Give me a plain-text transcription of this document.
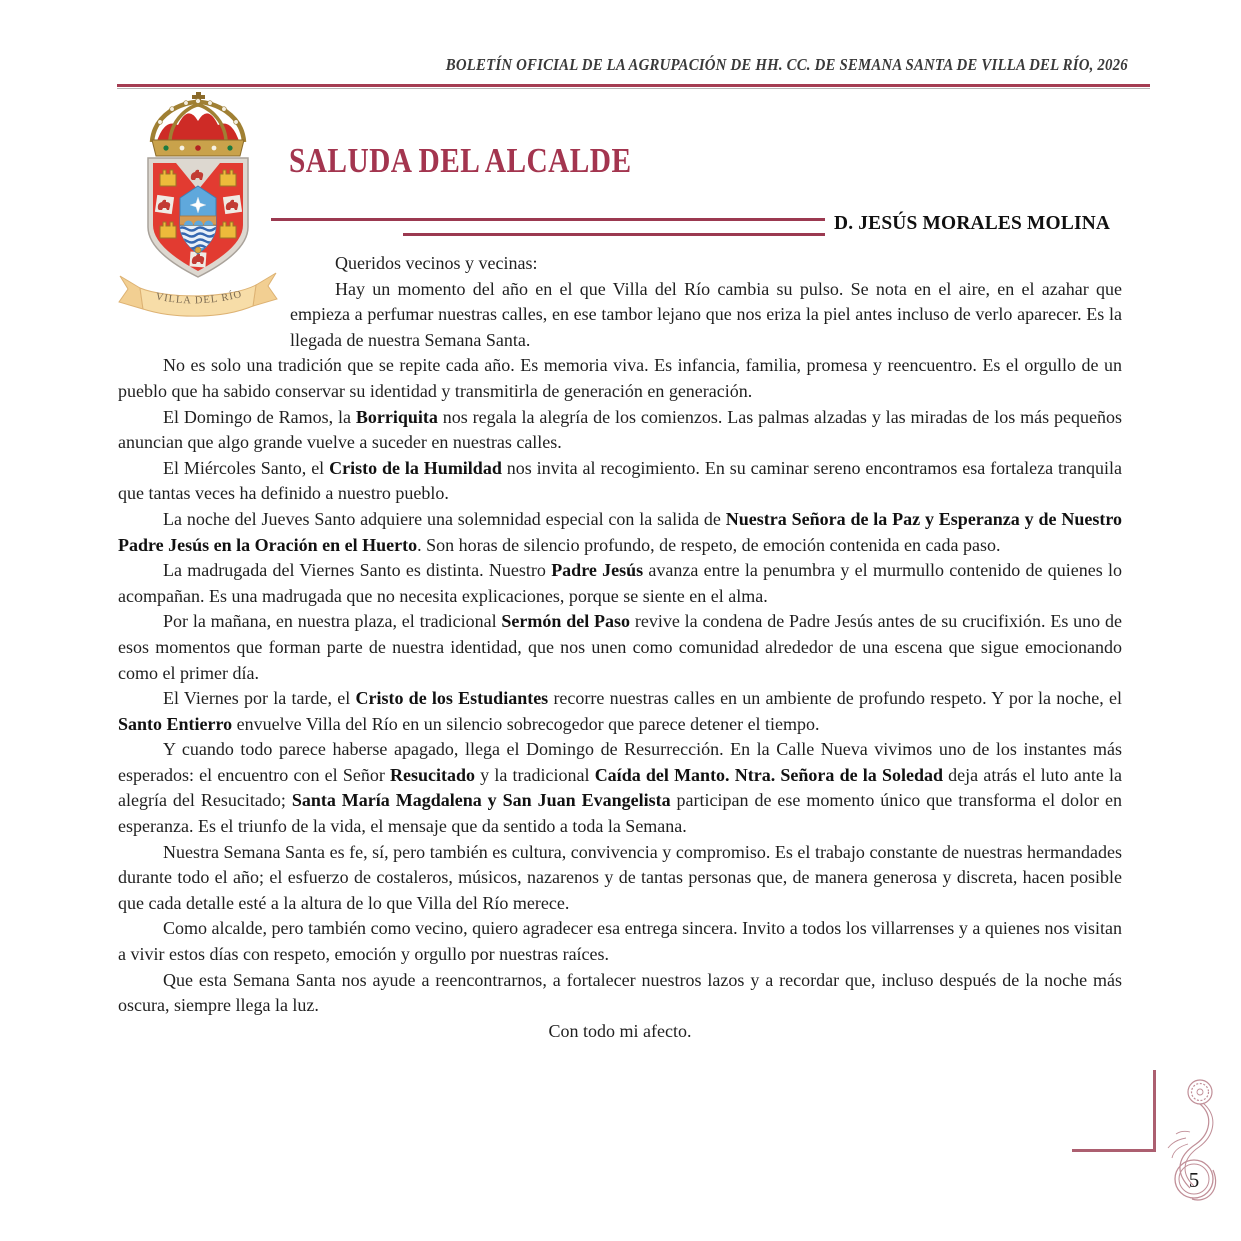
BOLETÍN OFICIAL DE LA AGRUPACIÓN DE HH. CC. DE SEMANA SANTA DE VILLA DEL RÍO, 2026
VILLA DEL RÍO
SALUDA DEL ALCALDE
D. JESÚS MORALES MOLINA

Queridos vecinos y vecinas:

Hay un momento del año en el que Villa del Río cambia su pulso. Se nota en el aire, en el azahar que empieza a perfumar nuestras calles, en ese tambor lejano que nos eriza la piel antes incluso de verlo aparecer. Es la llegada de nuestra Semana Santa.

No es solo una tradición que se repite cada año. Es memoria viva. Es infancia, familia, promesa y reencuentro. Es el orgullo de un pueblo que ha sabido conservar su identidad y transmitirla de generación en generación.

El Domingo de Ramos, la Borriquita nos regala la alegría de los comienzos. Las palmas alzadas y las miradas de los más pequeños anuncian que algo grande vuelve a suceder en nuestras calles.

El Miércoles Santo, el Cristo de la Humildad nos invita al recogimiento. En su caminar sereno encontramos esa fortaleza tranquila que tantas veces ha definido a nuestro pueblo.

La noche del Jueves Santo adquiere una solemnidad especial con la salida de Nuestra Señora de la Paz y Esperanza y de Nuestro Padre Jesús en la Oración en el Huerto. Son horas de silencio profundo, de respeto, de emoción contenida en cada paso.

La madrugada del Viernes Santo es distinta. Nuestro Padre Jesús avanza entre la penumbra y el murmullo contenido de quienes lo acompañan. Es una madrugada que no necesita explicaciones, porque se siente en el alma.

Por la mañana, en nuestra plaza, el tradicional Sermón del Paso revive la condena de Padre Jesús antes de su crucifixión. Es uno de esos momentos que forman parte de nuestra identidad, que nos unen como comunidad alrededor de una escena que sigue emocionando como el primer día.

El Viernes por la tarde, el Cristo de los Estudiantes recorre nuestras calles en un ambiente de profundo respeto. Y por la noche, el Santo Entierro envuelve Villa del Río en un silencio sobrecogedor que parece detener el tiempo.

Y cuando todo parece haberse apagado, llega el Domingo de Resurrección. En la Calle Nueva vivimos uno de los instantes más esperados: el encuentro con el Señor Resucitado y la tradicional Caída del Manto. Ntra. Señora de la Soledad deja atrás el luto ante la alegría del Resucitado; Santa María Magdalena y San Juan Evangelista participan de ese momento único que transforma el dolor en esperanza. Es el triunfo de la vida, el mensaje que da sentido a toda la Semana.

Nuestra Semana Santa es fe, sí, pero también es cultura, convivencia y compromiso. Es el trabajo constante de nuestras hermandades durante todo el año; el esfuerzo de costaleros, músicos, nazarenos y de tantas personas que, de manera generosa y discreta, hacen posible que cada detalle esté a la altura de lo que Villa del Río merece.

Como alcalde, pero también como vecino, quiero agradecer esa entrega sincera. Invito a todos los villarrenses y a quienes nos visitan a vivir estos días con respeto, emoción y orgullo por nuestras raíces.

Que esta Semana Santa nos ayude a reencontrarnos, a fortalecer nuestros lazos y a recordar que, incluso después de la noche más oscura, siempre llega la luz.

Con todo mi afecto.

5
